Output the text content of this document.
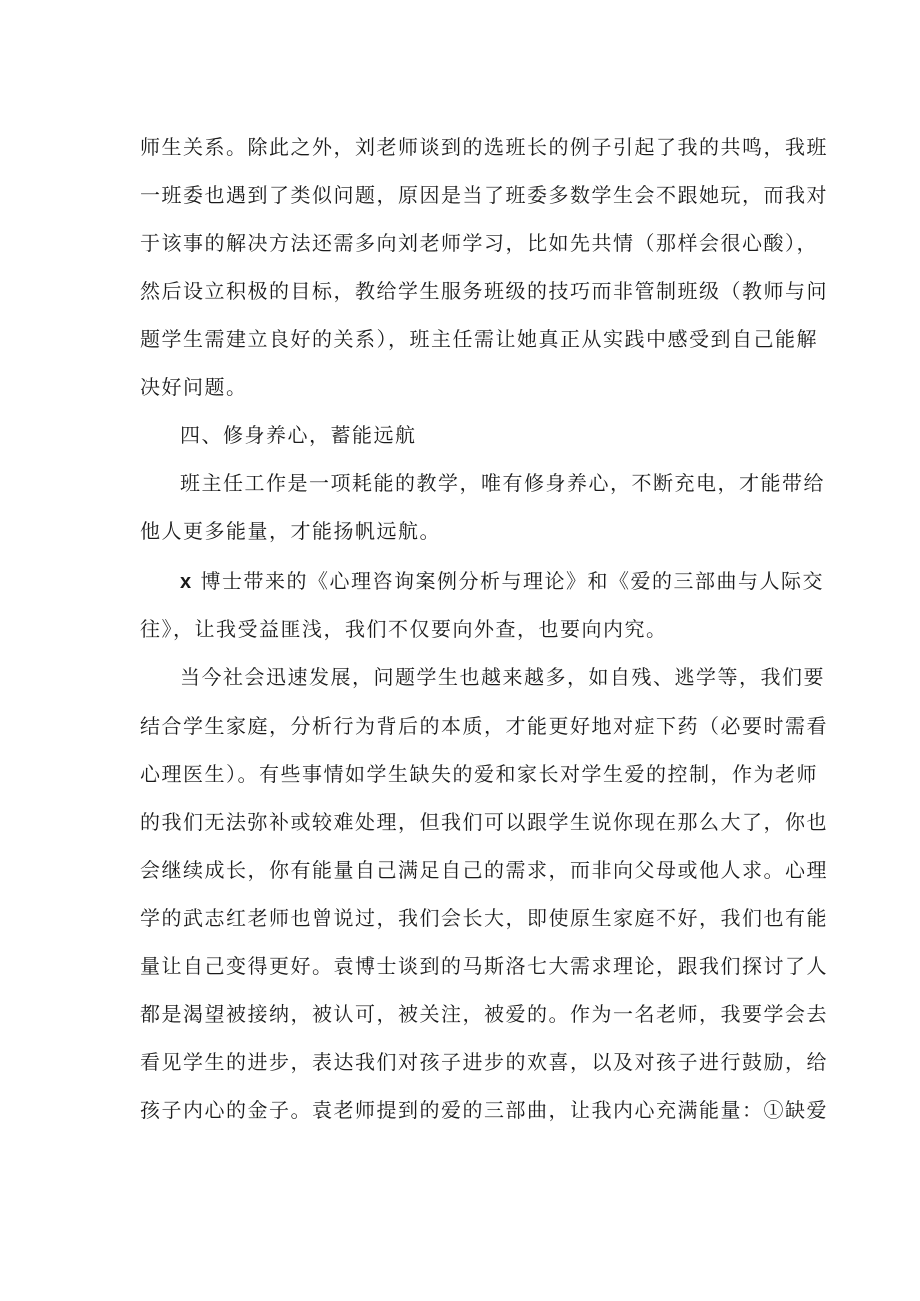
师生关系。除此之外，刘老师谈到的选班长的例子引起了我的共鸣，我班
一班委也遇到了类似问题，原因是当了班委多数学生会不跟她玩，而我对
于该事的解决方法还需多向刘老师学习，比如先共情（那样会很心酸），
然后设立积极的目标，教给学生服务班级的技巧而非管制班级（教师与问
题学生需建立良好的关系），班主任需让她真正从实践中感受到自己能解
决好问题。
四、修身养心，蓄能远航
班主任工作是一项耗能的教学，唯有修身养心，不断充电，才能带给
他人更多能量，才能扬帆远航。
x 博士带来的《心理咨询案例分析与理论》和《爱的三部曲与人际交
往》，让我受益匪浅，我们不仅要向外查，也要向内究。
当今社会迅速发展，问题学生也越来越多，如自残、逃学等，我们要
结合学生家庭，分析行为背后的本质，才能更好地对症下药（必要时需看
心理医生）。有些事情如学生缺失的爱和家长对学生爱的控制，作为老师
的我们无法弥补或较难处理，但我们可以跟学生说你现在那么大了，你也
会继续成长，你有能量自己满足自己的需求，而非向父母或他人求。心理
学的武志红老师也曾说过，我们会长大，即使原生家庭不好，我们也有能
量让自己变得更好。袁博士谈到的马斯洛七大需求理论，跟我们探讨了人
都是渴望被接纳，被认可，被关注，被爱的。作为一名老师，我要学会去
看见学生的进步，表达我们对孩子进步的欢喜，以及对孩子进行鼓励，给
孩子内心的金子。袁老师提到的爱的三部曲，让我内心充满能量：①缺爱
